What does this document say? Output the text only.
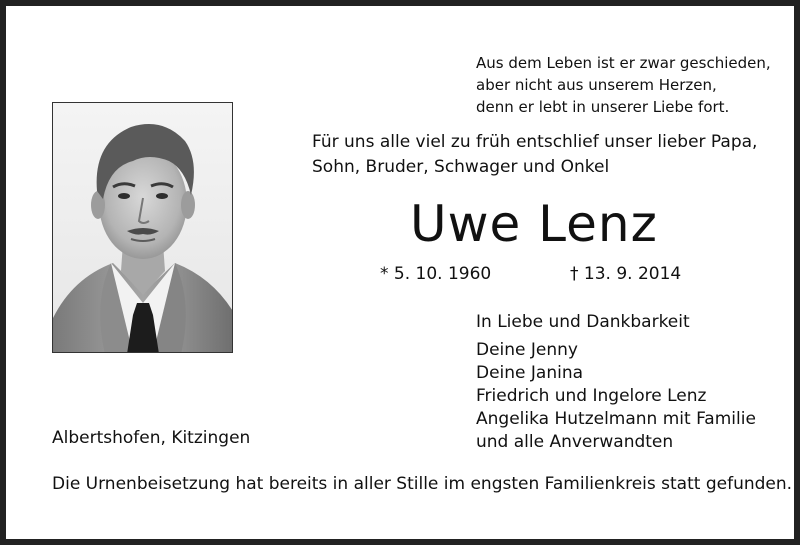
Aus dem Leben ist er zwar geschieden,
aber nicht aus unserem Herzen,
denn er lebt in unserer Liebe fort.
Für uns alle viel zu früh entschlief unser lieber Papa,
Sohn, Bruder, Schwager und Onkel
Uwe Lenz
* 5. 10. 1960	† 13. 9. 2014
In Liebe und Dankbarkeit
Deine Jenny
Deine Janina
Friedrich und Ingelore Lenz
Angelika Hutzelmann mit Familie
und alle Anverwandten
Albertshofen, Kitzingen
Die Urnenbeisetzung hat bereits in aller Stille im engsten Familienkreis statt gefunden.
